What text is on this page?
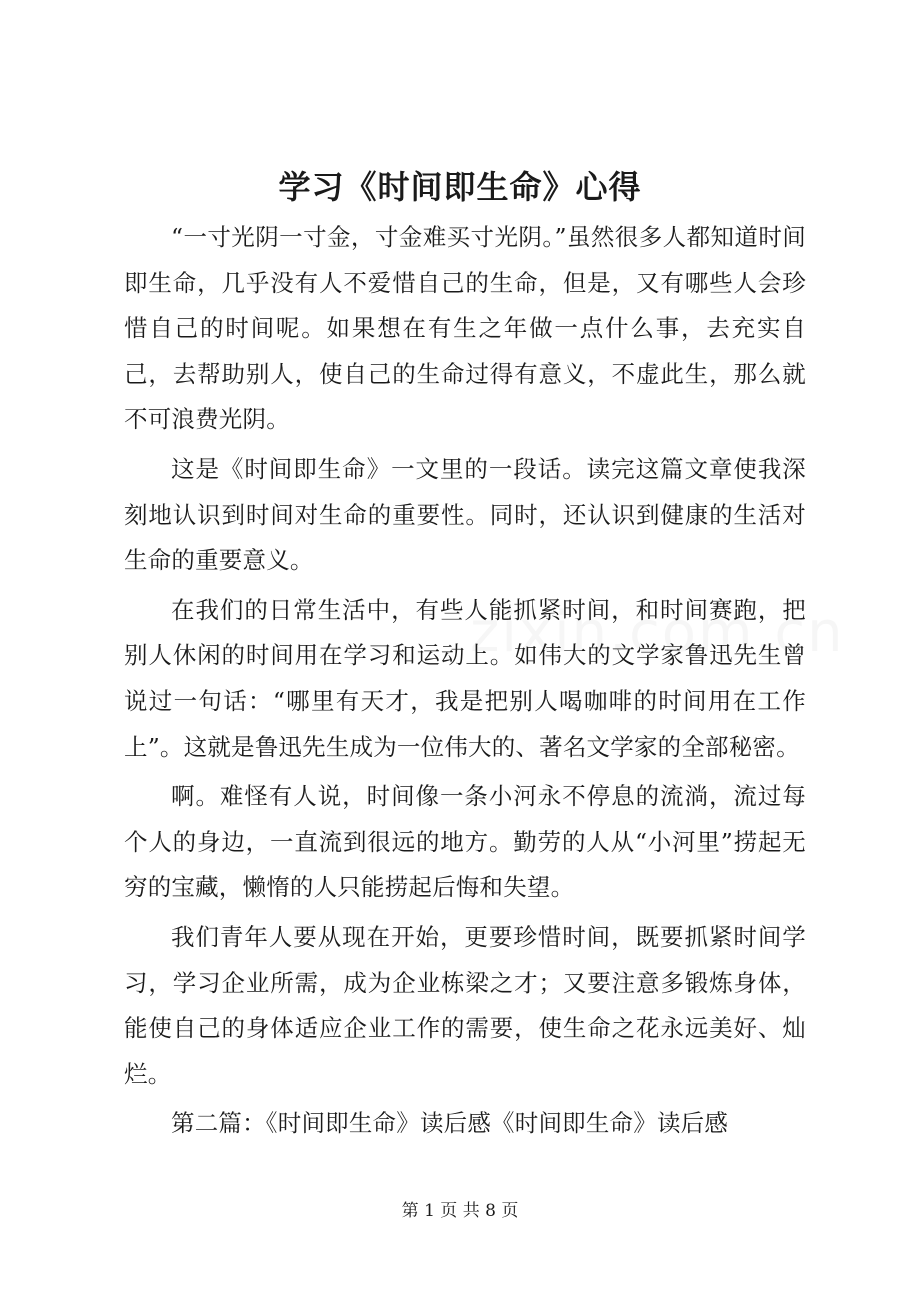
学习《时间即生命》心得

“一寸光阴一寸金，寸金难买寸光阴。”虽然很多人都知道时间即生命，几乎没有人不爱惜自己的生命，但是，又有哪些人会珍惜自己的时间呢。如果想在有生之年做一点什么事，去充实自己，去帮助别人，使自己的生命过得有意义，不虚此生，那么就不可浪费光阴。

这是《时间即生命》一文里的一段话。读完这篇文章使我深刻地认识到时间对生命的重要性。同时，还认识到健康的生活对生命的重要意义。

在我们的日常生活中，有些人能抓紧时间，和时间赛跑，把别人休闲的时间用在学习和运动上。如伟大的文学家鲁迅先生曾说过一句话：“哪里有天才，我是把别人喝咖啡的时间用在工作上”。这就是鲁迅先生成为一位伟大的、著名文学家的全部秘密。

啊。难怪有人说，时间像一条小河永不停息的流淌，流过每个人的身边，一直流到很远的地方。勤劳的人从“小河里”捞起无穷的宝藏，懒惰的人只能捞起后悔和失望。

我们青年人要从现在开始，更要珍惜时间，既要抓紧时间学习，学习企业所需，成为企业栋梁之才；又要注意多锻炼身体，能使自己的身体适应企业工作的需要，使生命之花永远美好、灿烂。

第二篇：《时间即生命》读后感《时间即生命》读后感

第 1 页 共 8 页
